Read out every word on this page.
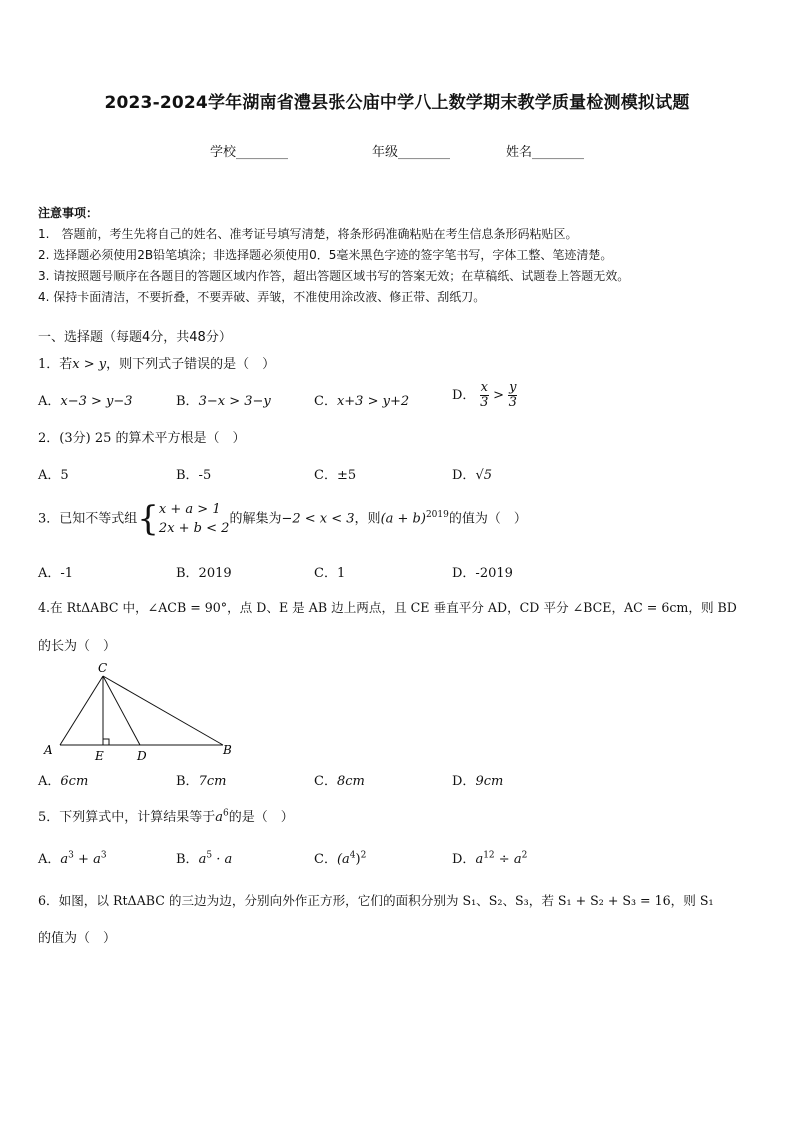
2023-2024学年湖南省澧县张公庙中学八上数学期末教学质量检测模拟试题
学校________	年级________	姓名________
注意事项：
1.　答题前，考生先将自己的姓名、准考证号填写清楚，将条形码准确粘贴在考生信息条形码粘贴区。
2. 选择题必须使用2B铅笔填涂；非选择题必须使用0．5毫米黑色字迹的签字笔书写，字体工整、笔迹清楚。
3. 请按照题号顺序在各题目的答题区域内作答，超出答题区域书写的答案无效；在草稿纸、试题卷上答题无效。
4. 保持卡面清洁，不要折叠，不要弄破、弄皱，不准使用涂改液、修正带、刮纸刀。
一、选择题（每题4分，共48分）
1．若x > y，则下列式子错误的是（　）
A．x−3 > y−3	B．3−x > 3−y	C．x+3 > y+2	D． $\frac{x}{3} > \frac{y}{3}$
2．(3分) 25 的算术平方根是（　）
A．5	B．-5	C．±5	D．√5
3．已知不等式组{ x + a > 1
2x + b < 2
的解集为−2 < x < 3，则$(a + b)^{2019}$的值为（　）
A．-1	B．2019	C．1	D．-2019
4.在 RtΔABC 中，∠ACB = 90°，点 D、E 是 AB 边上两点，且 CE 垂直平分 AD，CD 平分 ∠BCE，AC = 6cm，则 BD
的长为（　）
C
A	E	D	B
A．6cm	B．7cm	C．8cm	D．9cm
5．下列算式中，计算结果等于$a^6$的是（　）
A．$a^3 + a^3$	B．$a^5 \cdot a$	C．$(a^4)^2$	D．$a^{12} \div a^2$
6．如图，以 RtΔABC 的三边为边，分别向外作正方形，它们的面积分别为 S₁、S₂、S₃，若 S₁ + S₂ + S₃ = 16，则 S₁
的值为（　）
